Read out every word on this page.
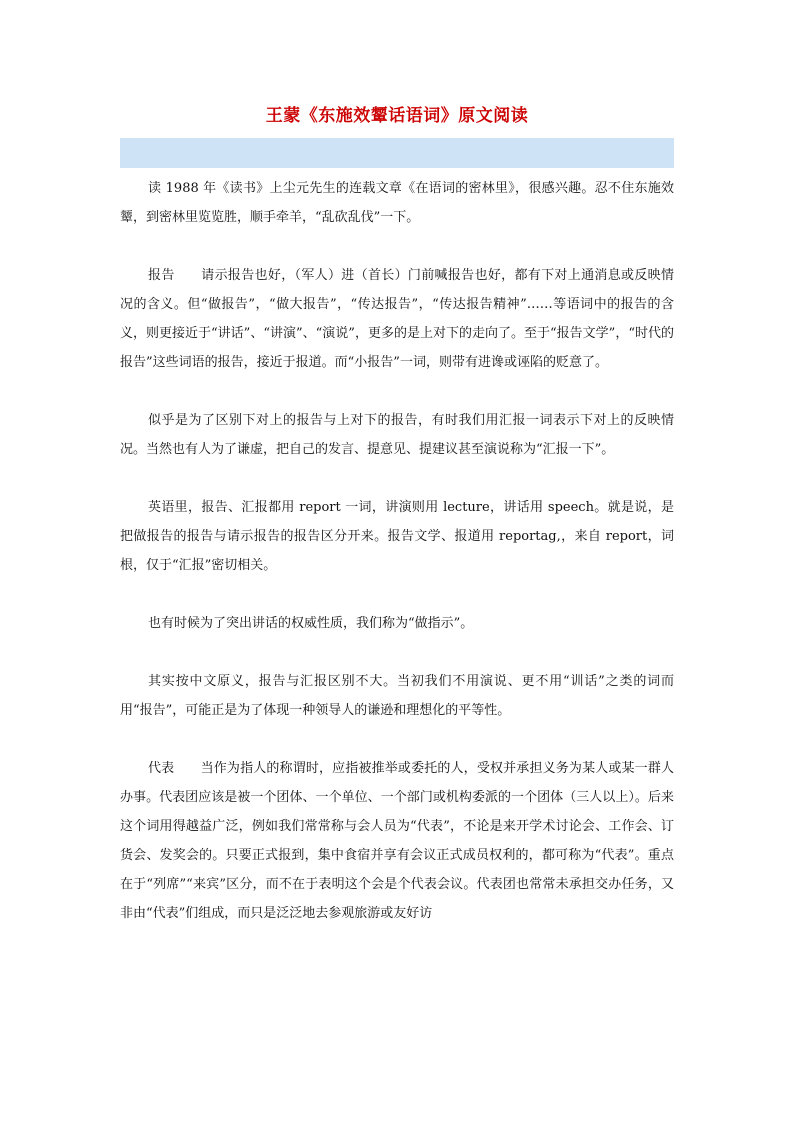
王蒙《东施效颦话语词》原文阅读

读 1988 年《读书》上尘元先生的连载文章《在语词的密林里》，很感兴趣。忍不住东施效颦，到密林里览览胜，顺手牵羊，“乱砍乱伐”一下。

报告　　请示报告也好，（军人）进（首长）门前喊报告也好，都有下对上通消息或反映情况的含义。但“做报告”，“做大报告”，“传达报告”，“传达报告精神”……等语词中的报告的含义，则更接近于“讲话”、“讲演”、“演说”，更多的是上对下的走向了。至于“报告文学”，“时代的报告”这些词语的报告，接近于报道。而“小报告”一词，则带有进谗或诬陷的贬意了。

似乎是为了区别下对上的报告与上对下的报告，有时我们用汇报一词表示下对上的反映情况。当然也有人为了谦虚，把自己的发言、提意见、提建议甚至演说称为“汇报一下”。

英语里，报告、汇报都用 report 一词，讲演则用 lecture，讲话用 speech。就是说，是把做报告的报告与请示报告的报告区分开来。报告文学、报道用 reportag,，来自 report，词根，仅于“汇报”密切相关。

也有时候为了突出讲话的权威性质，我们称为“做指示”。

其实按中文原义，报告与汇报区别不大。当初我们不用演说、更不用“训话”之类的词而用“报告”，可能正是为了体现一种领导人的谦逊和理想化的平等性。

代表　　当作为指人的称谓时，应指被推举或委托的人，受权并承担义务为某人或某一群人办事。代表团应该是被一个团体、一个单位、一个部门或机构委派的一个团体（三人以上）。后来这个词用得越益广泛，例如我们常常称与会人员为“代表”，不论是来开学术讨论会、工作会、订货会、发奖会的。只要正式报到，集中食宿并享有会议正式成员权利的，都可称为“代表”。重点在于“列席”“来宾”区分，而不在于表明这个会是个代表会议。代表团也常常未承担交办任务，又非由“代表”们组成，而只是泛泛地去参观旅游或友好访
